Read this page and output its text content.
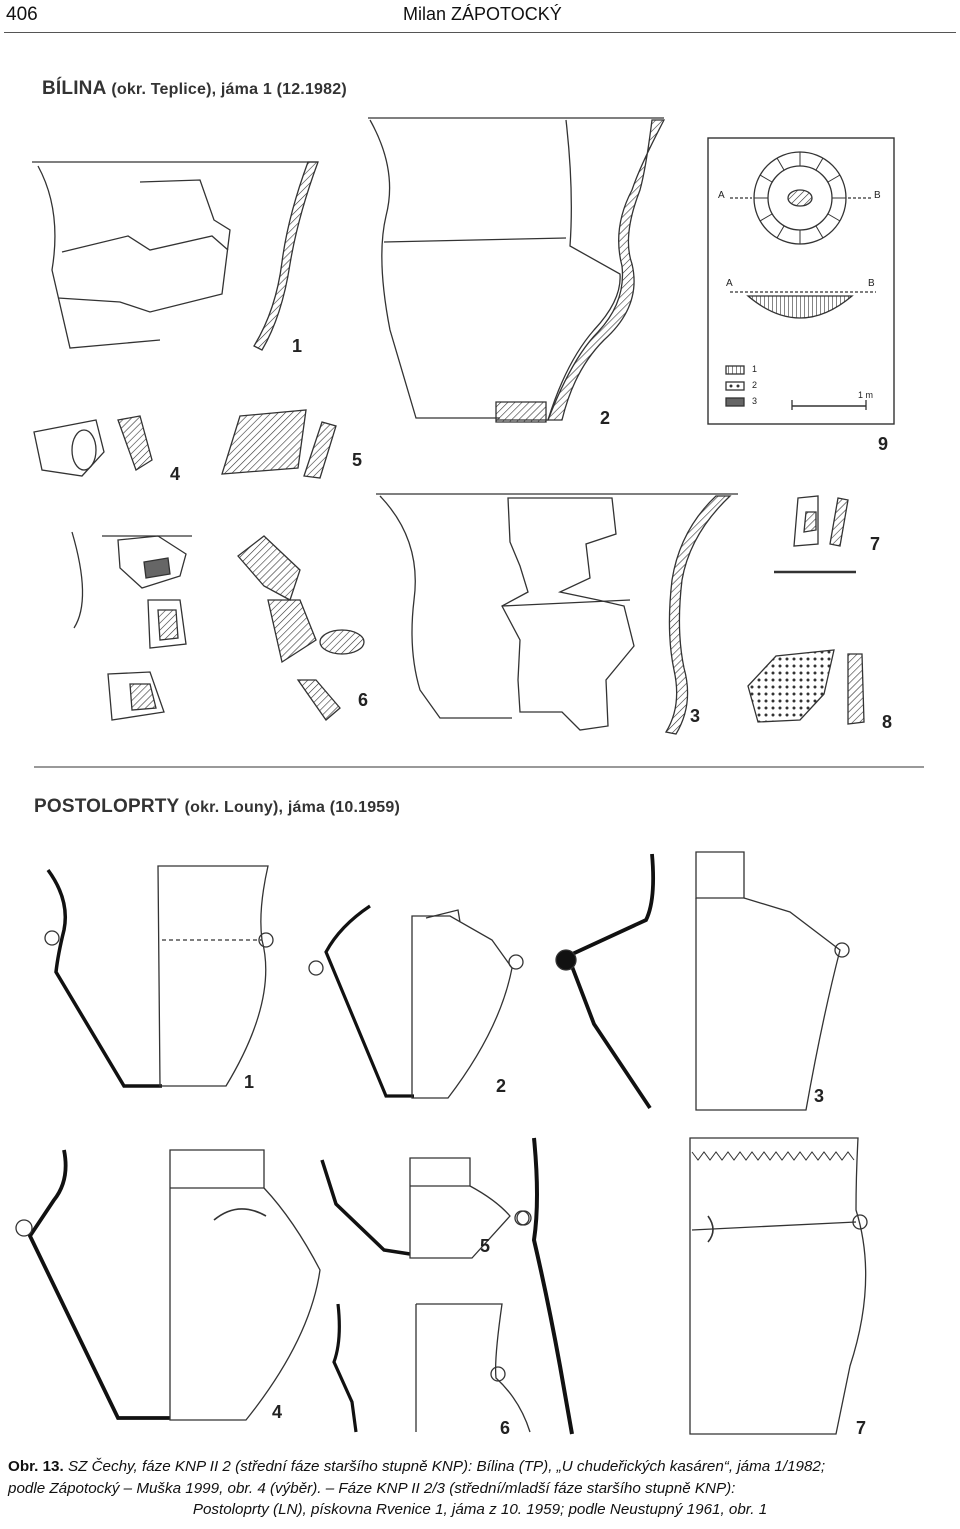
406	Milan ZÁPOTOCKÝ
BÍLINA (okr. Teplice), jáma 1 (12.1982)
POSTOLOPRTY (okr. Louny), jáma (10.1959)
1
2
3
4
5
6
7
8
9
A	B
A	B
1
2
3
1 m
1	2	3
4
5
6	7
Obr. 13. SZ Čechy, fáze KNP II 2 (střední fáze staršího stupně KNP): Bílina (TP), „U chudeřických kasáren“, jáma 1/1982;
podle Zápotocký – Muška 1999, obr. 4 (výběr). – Fáze KNP II 2/3 (střední/mladší fáze staršího stupně KNP):

Postoloprty (LN), pískovna Rvenice 1, jáma z 10. 1959; podle Neustupný 1961, obr. 1
